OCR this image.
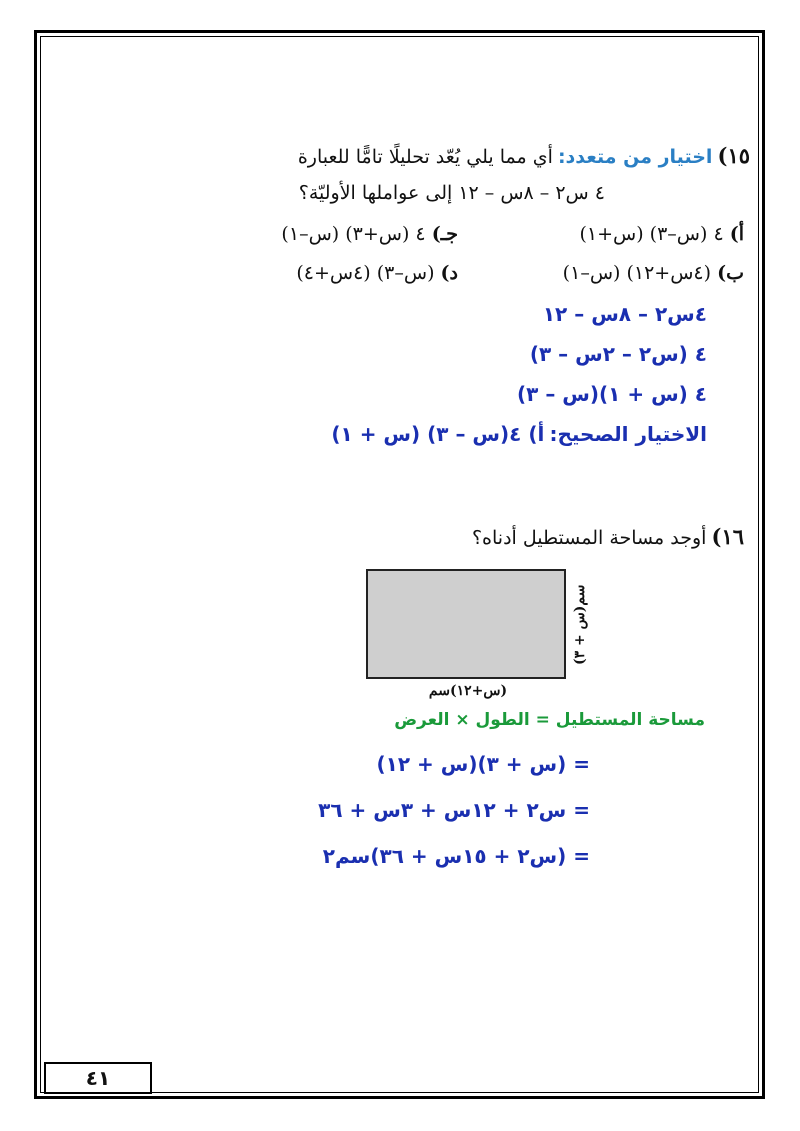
١٥) اختيار من متعدد: أي مما يلي يُعّد تحليلًا تامًّا للعبارة
٤ س٢ – ٨س – ١٢ إلى عواملها الأوليّة؟
أ) ٤ (س–٣) (س+١)
جـ) ٤ (س+٣) (س–١)
ب) (٤س+١٢) (س–١)
د) (س–٣) (٤س+٤)
٤س٢ – ٨س – ١٢
٤ (س٢ – ٢س – ٣)
٤ (س + ١)(س – ٣)
الاختيار الصحيح: أ) ٤(س – ٣) (س + ١)
١٦) أوجد مساحة المستطيل أدناه؟
(س + ٣)سم
(س+١٢)سم
مساحة المستطيل = الطول × العرض
= (س + ٣)(س + ١٢)
= س٢ + ١٢س + ٣س + ٣٦
= (س٢ + ١٥س + ٣٦)سم٢
٤١
